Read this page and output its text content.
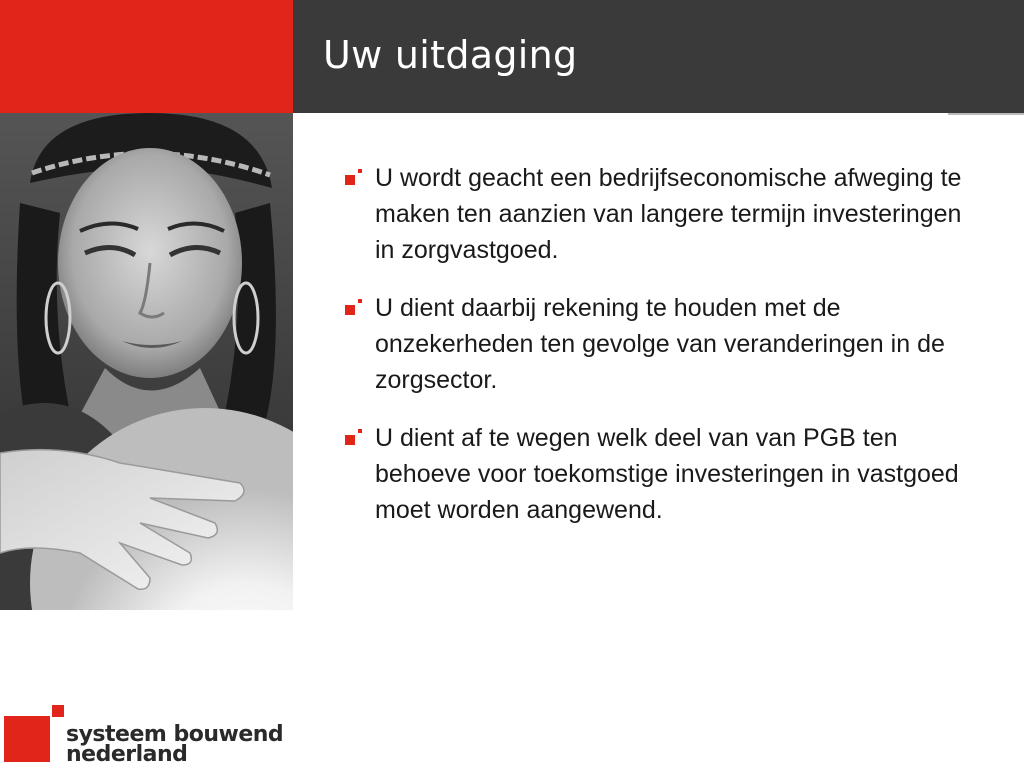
Uw uitdaging
U wordt geacht een bedrijfseconomische afweging te maken ten aanzien van langere termijn investeringen in zorgvastgoed.
U dient daarbij rekening te houden met de onzekerheden ten gevolge van veranderingen in de zorgsector.
U dient af te wegen welk deel van van PGB ten behoeve voor toekomstige investeringen in vastgoed moet worden aangewend.
systeem bouwend
nederland
